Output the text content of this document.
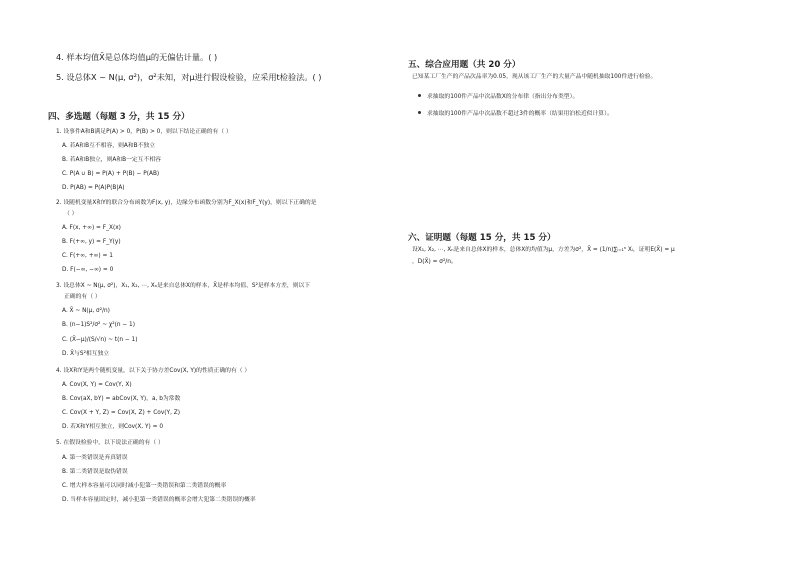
4. 样本均值X̄是总体均值μ的无偏估计量。( )
5. 设总体X ~ N(μ, σ²)，σ²未知，对μ进行假设检验，应采用t检验法。( )
四、多选题（每题 3 分，共 15 分）
1. 设事件A和B满足P(A) > 0，P(B) > 0，则以下结论正确的有（ ）
A. 若A和B互不相容，则A和B不独立
B. 若A和B独立，则A和B一定互不相容
C. P(A ∪ B) = P(A) + P(B) − P(AB)
D. P(AB) = P(A)P(B|A)
2. 设随机变量X和Y的联合分布函数为F(x, y)，边缘分布函数分别为F_X(x)和F_Y(y)，则以下正确的是
（ ）
A. F(x, +∞) = F_X(x)
B. F(+∞, y) = F_Y(y)
C. F(+∞, +∞) = 1
D. F(−∞, −∞) = 0
3. 设总体X ~ N(μ, σ²)，X₁, X₂, ⋯, Xₙ是来自总体X的样本，X̄是样本均值，S²是样本方差，则以下
正确的有（ ）
A. X̄ ~ N(μ, σ²/n)
B. (n−1)S²/σ² ~ χ²(n − 1)
C. (X̄−μ)/(S/√n) ~ t(n − 1)
D. X̄与S²相互独立
4. 设X和Y是两个随机变量，以下关于协方差Cov(X, Y)的性质正确的有（ ）
A. Cov(X, Y) = Cov(Y, X)
B. Cov(aX, bY) = abCov(X, Y)，a, b为常数
C. Cov(X + Y, Z) = Cov(X, Z) + Cov(Y, Z)
D. 若X和Y相互独立，则Cov(X, Y) = 0
5. 在假设检验中，以下说法正确的有（ ）
A. 第一类错误是弃真错误
B. 第二类错误是取伪错误
C. 增大样本容量可以同时减小犯第一类错误和第二类错误的概率
D. 当样本容量固定时，减小犯第一类错误的概率会增大犯第二类错误的概率
五、综合应用题（共 20 分）
已知某工厂生产的产品次品率为0.05，现从该工厂生产的大量产品中随机抽取100件进行检验。
求抽取的100件产品中次品数X的分布律（指出分布类型）。
求抽取的100件产品中次品数不超过3件的概率（结果用泊松近似计算）。
六、证明题（每题 15 分，共 15 分）
设X₁, X₂, ⋯, Xₙ是来自总体X的样本，总体X的均值为μ，方差为σ²，X̄ = (1/n)∑ᵢ₌₁ⁿ Xᵢ，证明E(X̄) = μ
，D(X̄) = σ²/n。
